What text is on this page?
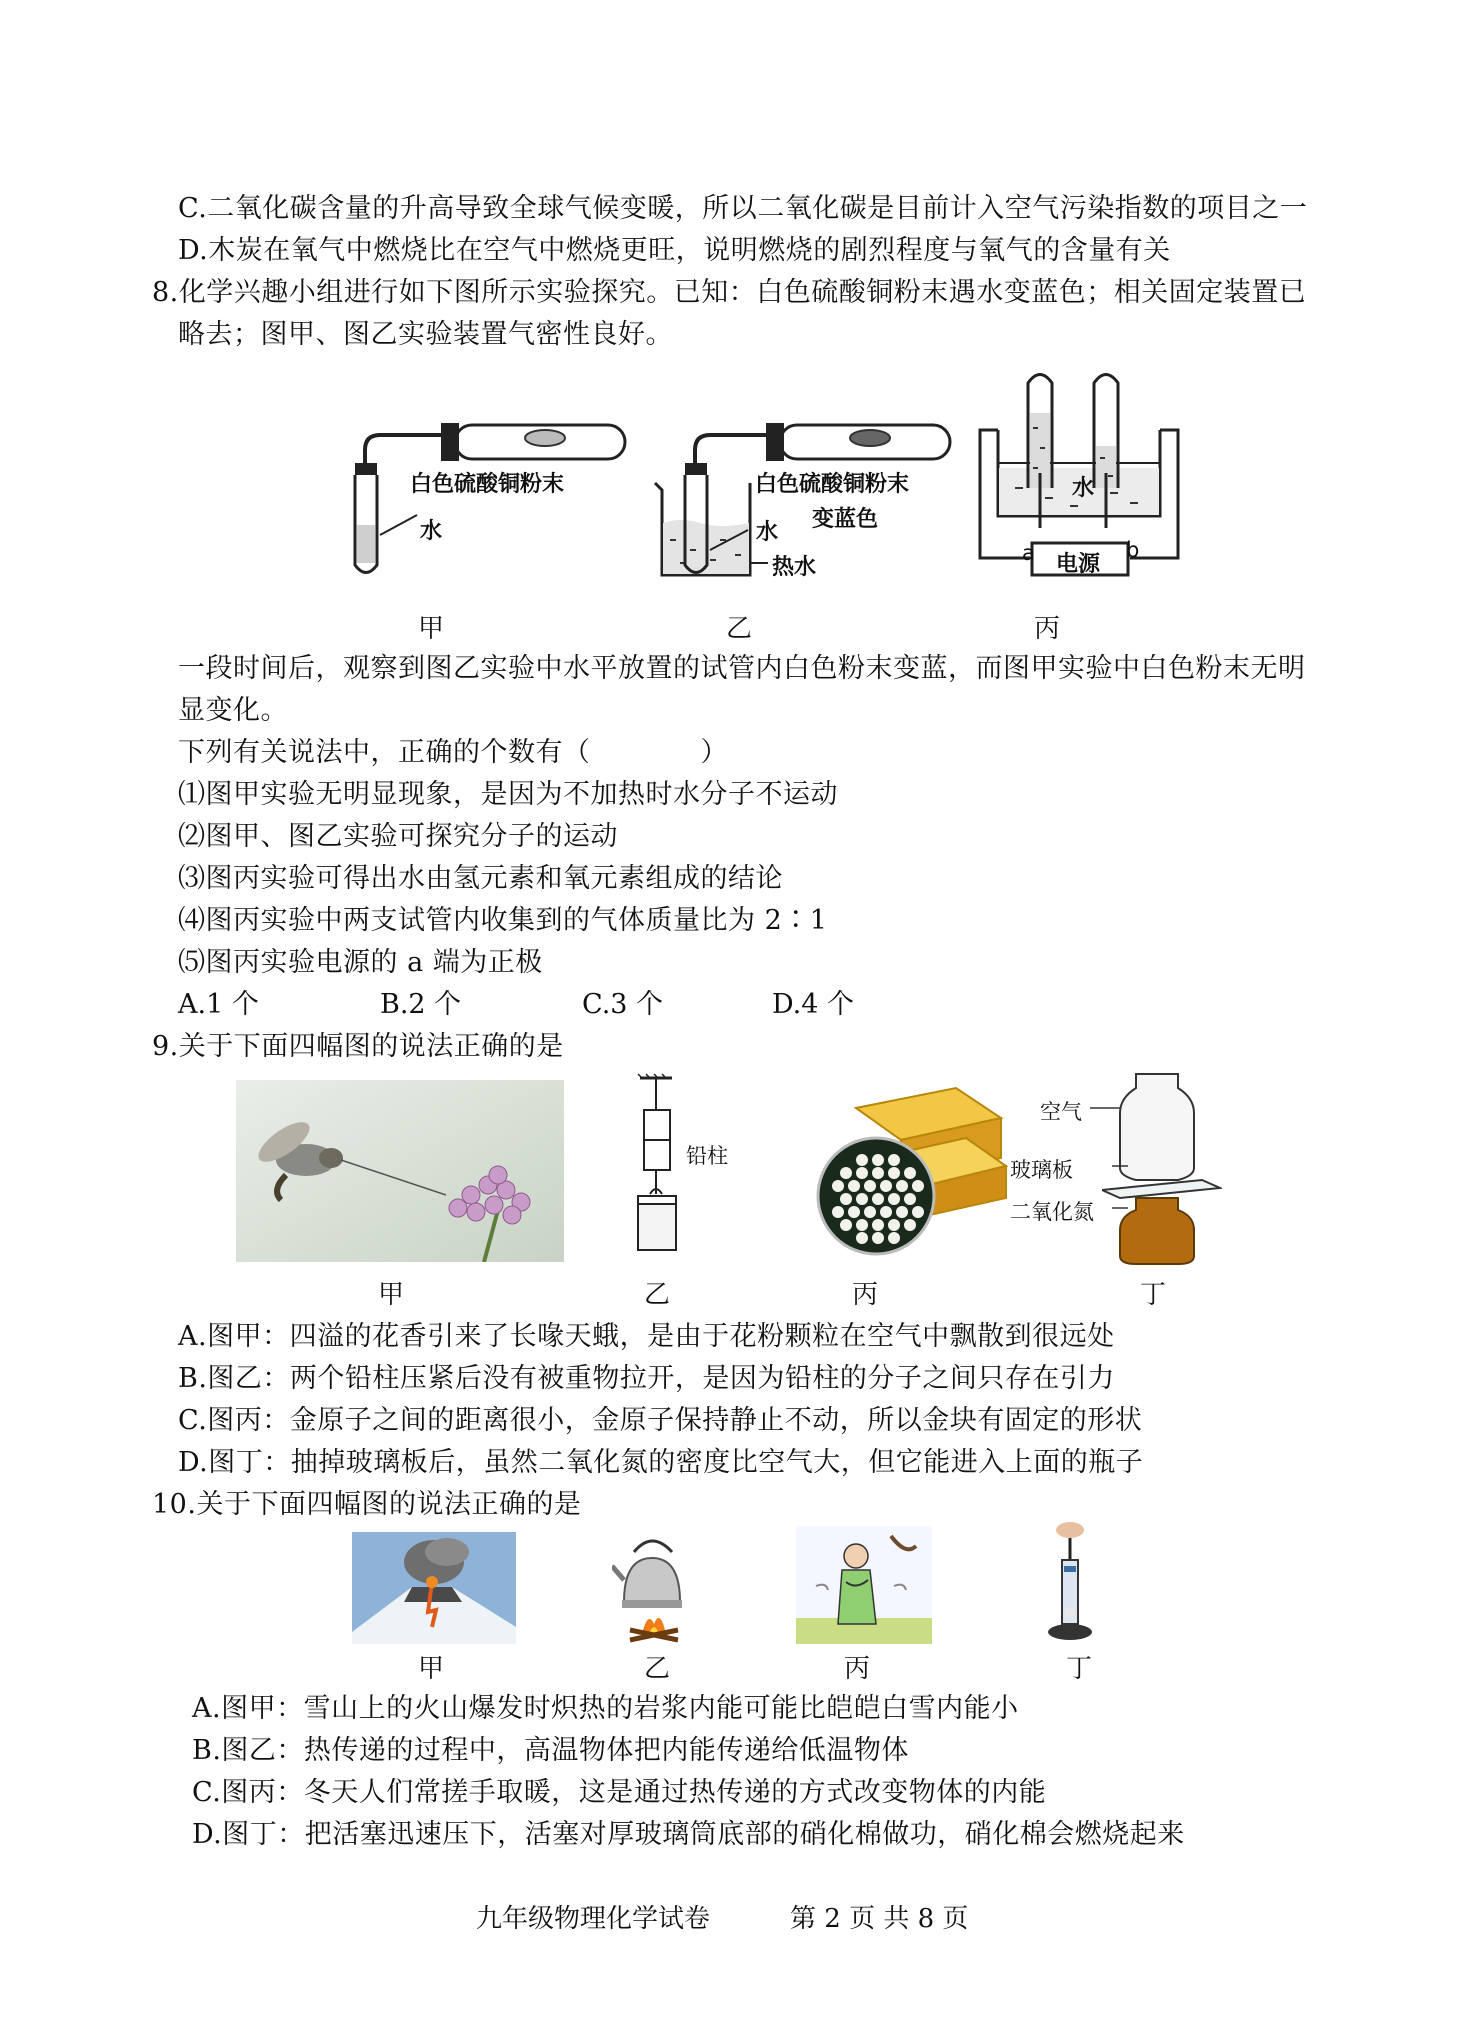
C.二氧化碳含量的升高导致全球气候变暖，所以二氧化碳是目前计入空气污染指数的项目之一
D.木炭在氧气中燃烧比在空气中燃烧更旺，说明燃烧的剧烈程度与氧气的含量有关
8.化学兴趣小组进行如下图所示实验探究。已知：白色硫酸铜粉末遇水变蓝色；相关固定装置已
略去；图甲、图乙实验装置气密性良好。
白色硫酸铜粉末
水
白色硫酸铜粉末
变蓝色
水
热水
水
a 电源
b
甲	乙	丙
一段时间后，观察到图乙实验中水平放置的试管内白色粉末变蓝，而图甲实验中白色粉末无明
显变化。
下列有关说法中，正确的个数有（　　　　）
⑴图甲实验无明显现象，是因为不加热时水分子不运动
⑵图甲、图乙实验可探究分子的运动
⑶图丙实验可得出水由氢元素和氧元素组成的结论
⑷图丙实验中两支试管内收集到的气体质量比为 2∶1
⑸图丙实验电源的 a 端为正极
A.1 个	B.2 个	C.3 个	D.4 个
9.关于下面四幅图的说法正确的是
铅柱
空气
玻璃板
二氧化氮
甲	乙	丙	丁
A.图甲：四溢的花香引来了长喙天蛾，是由于花粉颗粒在空气中飘散到很远处
B.图乙：两个铅柱压紧后没有被重物拉开，是因为铅柱的分子之间只存在引力
C.图丙：金原子之间的距离很小，金原子保持静止不动，所以金块有固定的形状
D.图丁：抽掉玻璃板后，虽然二氧化氮的密度比空气大，但它能进入上面的瓶子
10.关于下面四幅图的说法正确的是
甲	乙	丙	丁
A.图甲：雪山上的火山爆发时炽热的岩浆内能可能比皑皑白雪内能小
B.图乙：热传递的过程中，高温物体把内能传递给低温物体
C.图丙：冬天人们常搓手取暖，这是通过热传递的方式改变物体的内能
D.图丁：把活塞迅速压下，活塞对厚玻璃筒底部的硝化棉做功，硝化棉会燃烧起来
九年级物理化学试卷	第 2 页 共 8 页
